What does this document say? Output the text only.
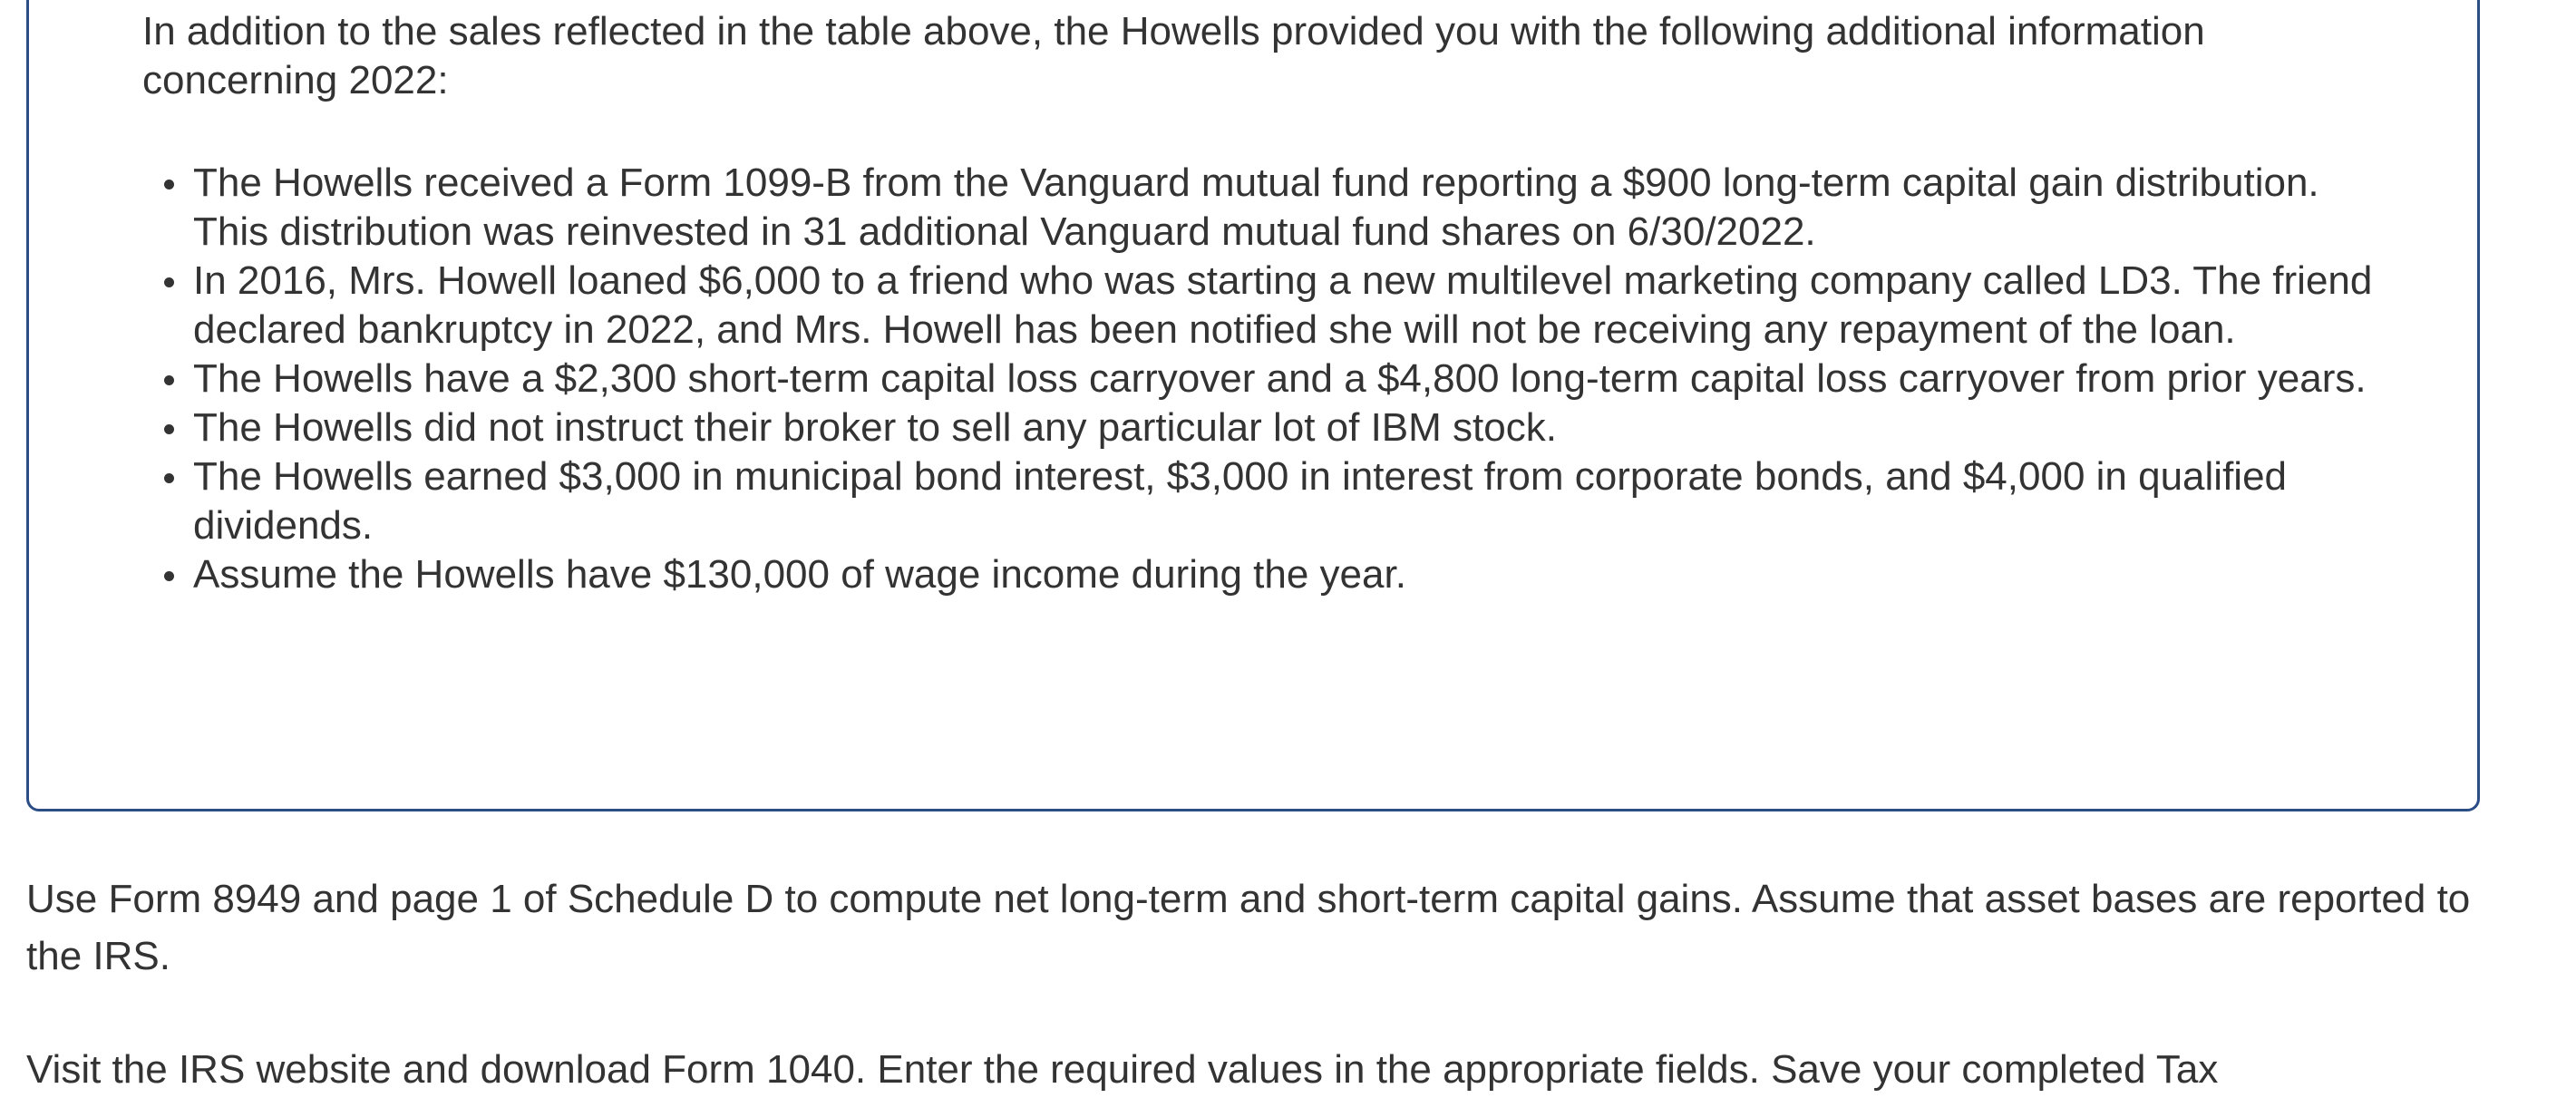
In addition to the sales reflected in the table above, the Howells provided you with the following additional information concerning 2022:

The Howells received a Form 1099-B from the Vanguard mutual fund reporting a $900 long-term capital gain distribution. This distribution was reinvested in 31 additional Vanguard mutual fund shares on 6/30/2022.
In 2016, Mrs. Howell loaned $6,000 to a friend who was starting a new multilevel marketing company called LD3. The friend declared bankruptcy in 2022, and Mrs. Howell has been notified she will not be receiving any repayment of the loan.
The Howells have a $2,300 short-term capital loss carryover and a $4,800 long-term capital loss carryover from prior years.
The Howells did not instruct their broker to sell any particular lot of IBM stock.
The Howells earned $3,000 in municipal bond interest, $3,000 in interest from corporate bonds, and $4,000 in qualified dividends.
Assume the Howells have $130,000 of wage income during the year.

Use Form 8949 and page 1 of Schedule D to compute net long-term and short-term capital gains. Assume that asset bases are reported to the IRS.

Visit the IRS website and download Form 1040. Enter the required values in the appropriate fields. Save your completed Tax
